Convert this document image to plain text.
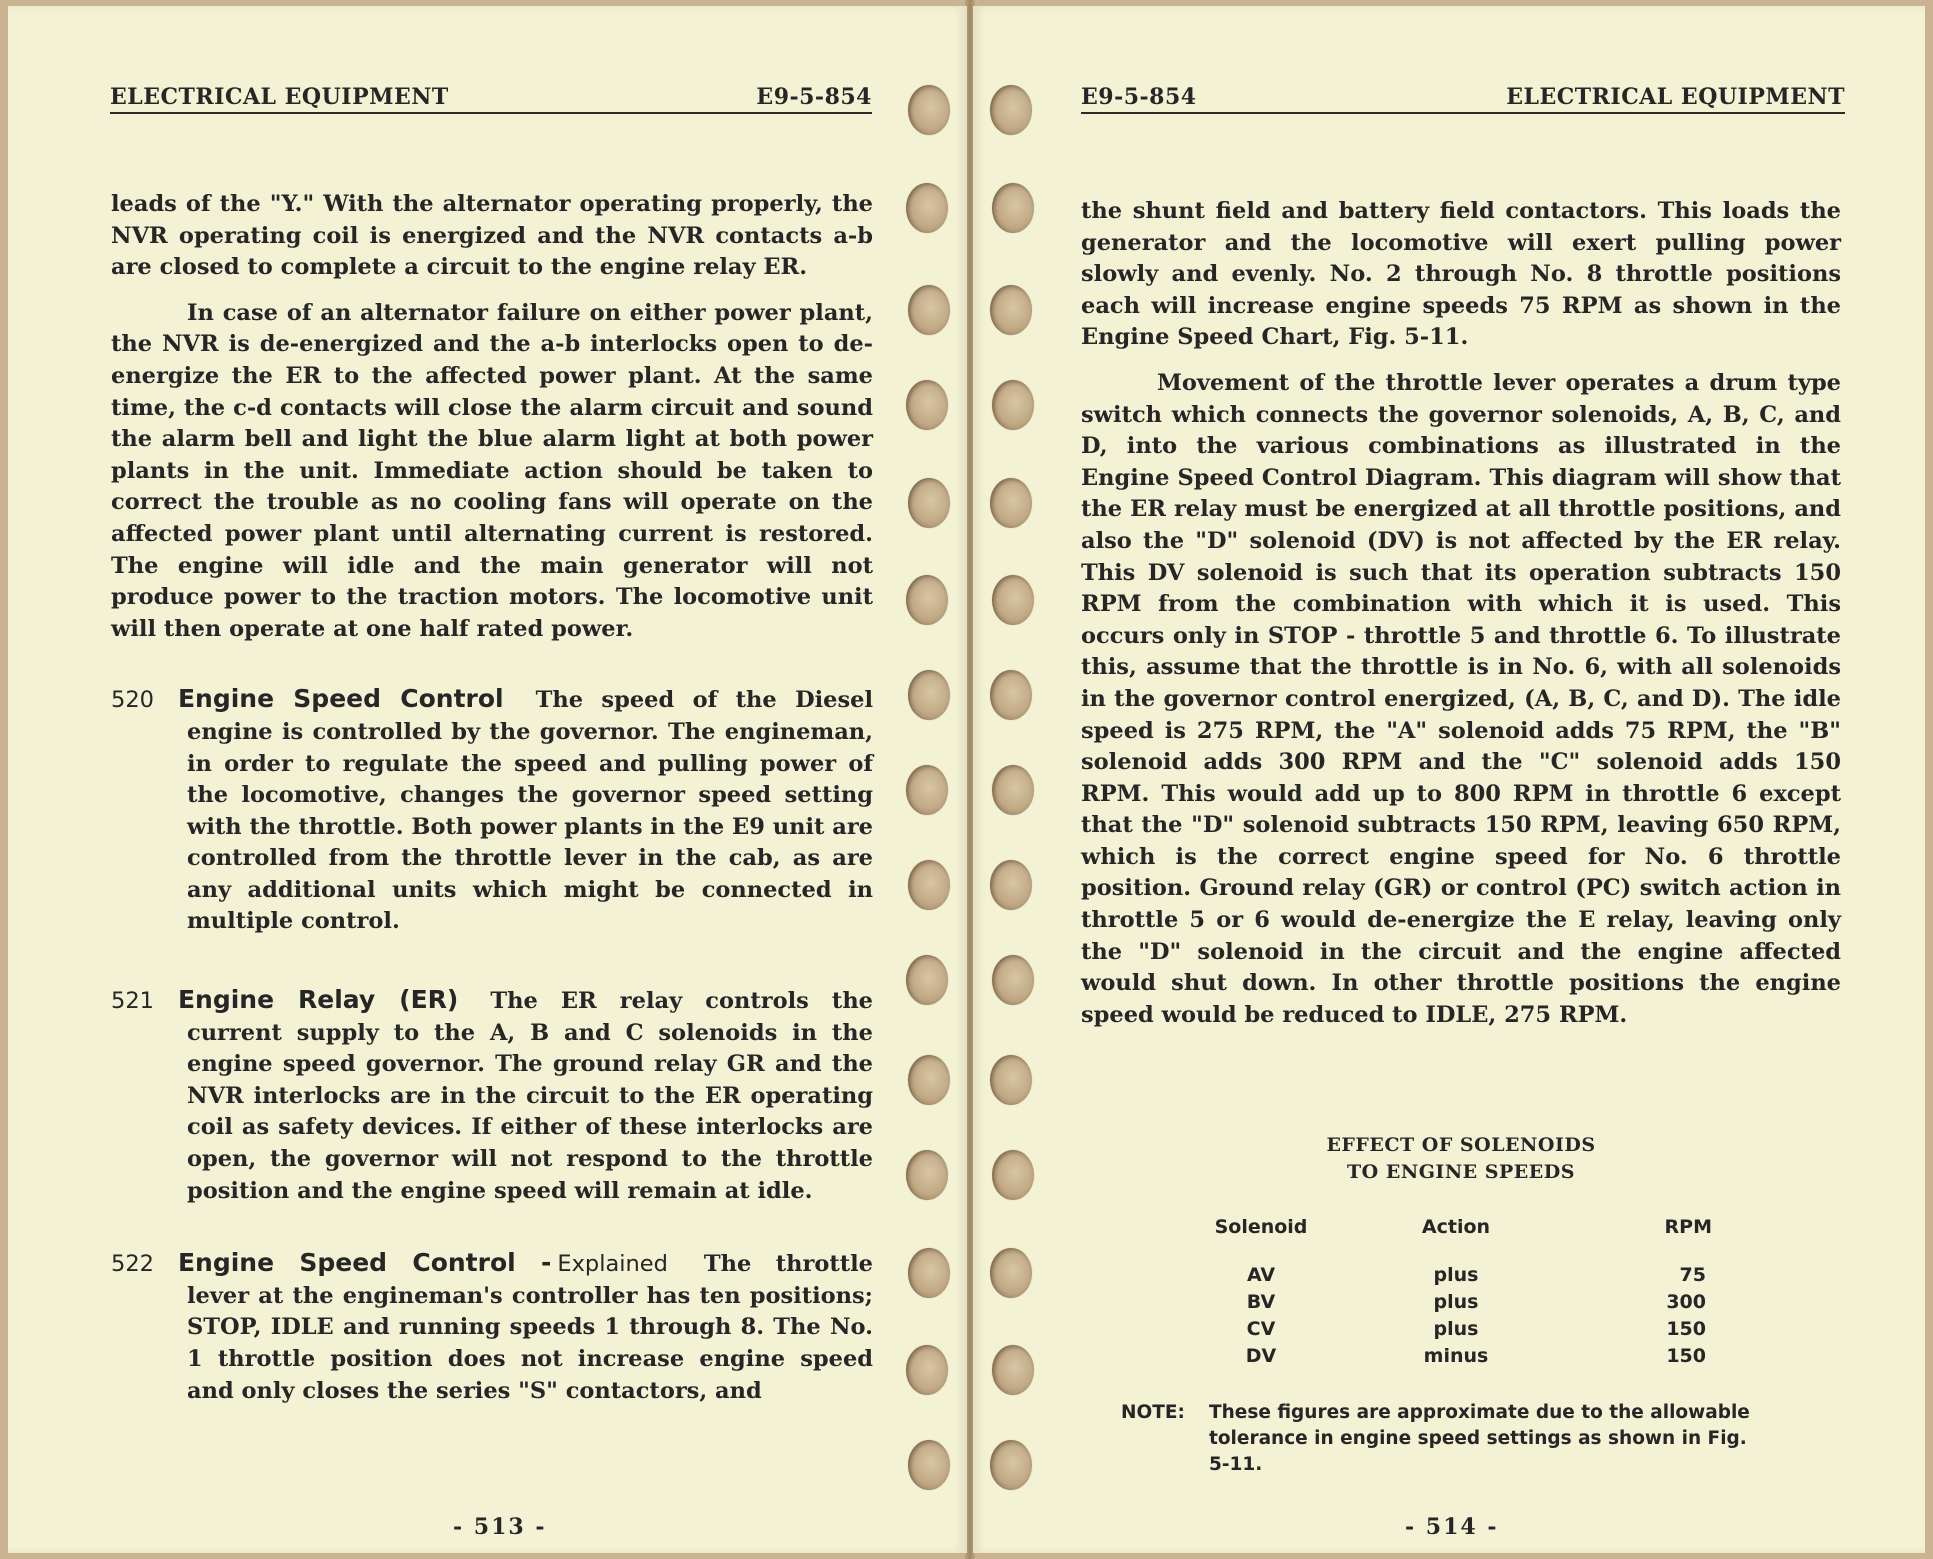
ELECTRICAL EQUIPMENT	E9-5-854

leads of the "Y." With the alternator operating properly, the NVR operating coil is energized and the NVR contacts a-b are closed to complete a circuit to the engine relay ER.

In case of an alternator failure on either power plant, the NVR is de-energized and the a-b interlocks open to de-energize the ER to the affected power plant. At the same time, the c-d contacts will close the alarm circuit and sound the alarm bell and light the blue alarm light at both power plants in the unit. Immediate action should be taken to correct the trouble as no cooling fans will operate on the affected power plant until alternating current is restored. The engine will idle and the main generator will not produce power to the traction motors. The locomotive unit will then operate at one half rated power.

520 Engine Speed Control The speed of the Diesel engine is controlled by the governor. The engineman, in order to regulate the speed and pulling power of the locomotive, changes the governor speed setting with the throttle. Both power plants in the E9 unit are controlled from the throttle lever in the cab, as are any additional units which might be connected in multiple control.

521 Engine Relay (ER) The ER relay controls the current supply to the A, B and C solenoids in the engine speed governor. The ground relay GR and the NVR interlocks are in the circuit to the ER operating coil as safety devices. If either of these interlocks are open, the governor will not respond to the throttle position and the engine speed will remain at idle.

522 Engine Speed Control - Explained The throttle lever at the engineman's controller has ten positions; STOP, IDLE and running speeds 1 through 8. The No. 1 throttle position does not increase engine speed and only closes the series "S" contactors, and

- 513 -
E9-5-854	ELECTRICAL EQUIPMENT

the shunt field and battery field contactors. This loads the generator and the locomotive will exert pulling power slowly and evenly. No. 2 through No. 8 throttle positions each will increase engine speeds 75 RPM as shown in the Engine Speed Chart, Fig. 5-11.

Movement of the throttle lever operates a drum type switch which connects the governor solenoids, A, B, C, and D, into the various combinations as illustrated in the Engine Speed Control Diagram. This diagram will show that the ER relay must be energized at all throttle positions, and also the "D" solenoid (DV) is not affected by the ER relay. This DV solenoid is such that its operation subtracts 150 RPM from the combination with which it is used. This occurs only in STOP - throttle 5 and throttle 6. To illustrate this, assume that the throttle is in No. 6, with all solenoids in the governor control energized, (A, B, C, and D). The idle speed is 275 RPM, the "A" solenoid adds 75 RPM, the "B" solenoid adds 300 RPM and the "C" solenoid adds 150 RPM. This would add up to 800 RPM in throttle 6 except that the "D" solenoid subtracts 150 RPM, leaving 650 RPM, which is the correct engine speed for No. 6 throttle position. Ground relay (GR) or control (PC) switch action in throttle 5 or 6 would de-energize the E relay, leaving only the "D" solenoid in the circuit and the engine affected would shut down. In other throttle positions the engine speed would be reduced to IDLE, 275 RPM.

EFFECT OF SOLENOIDS
TO ENGINE SPEEDS
Solenoid	Action	RPM
AV	plus	75
BV	plus	300
CV	plus	150
DV	minus	150
NOTE:	These figures are approximate due to the allowable tolerance in engine speed settings as shown in Fig. 5-11.
- 514 -
